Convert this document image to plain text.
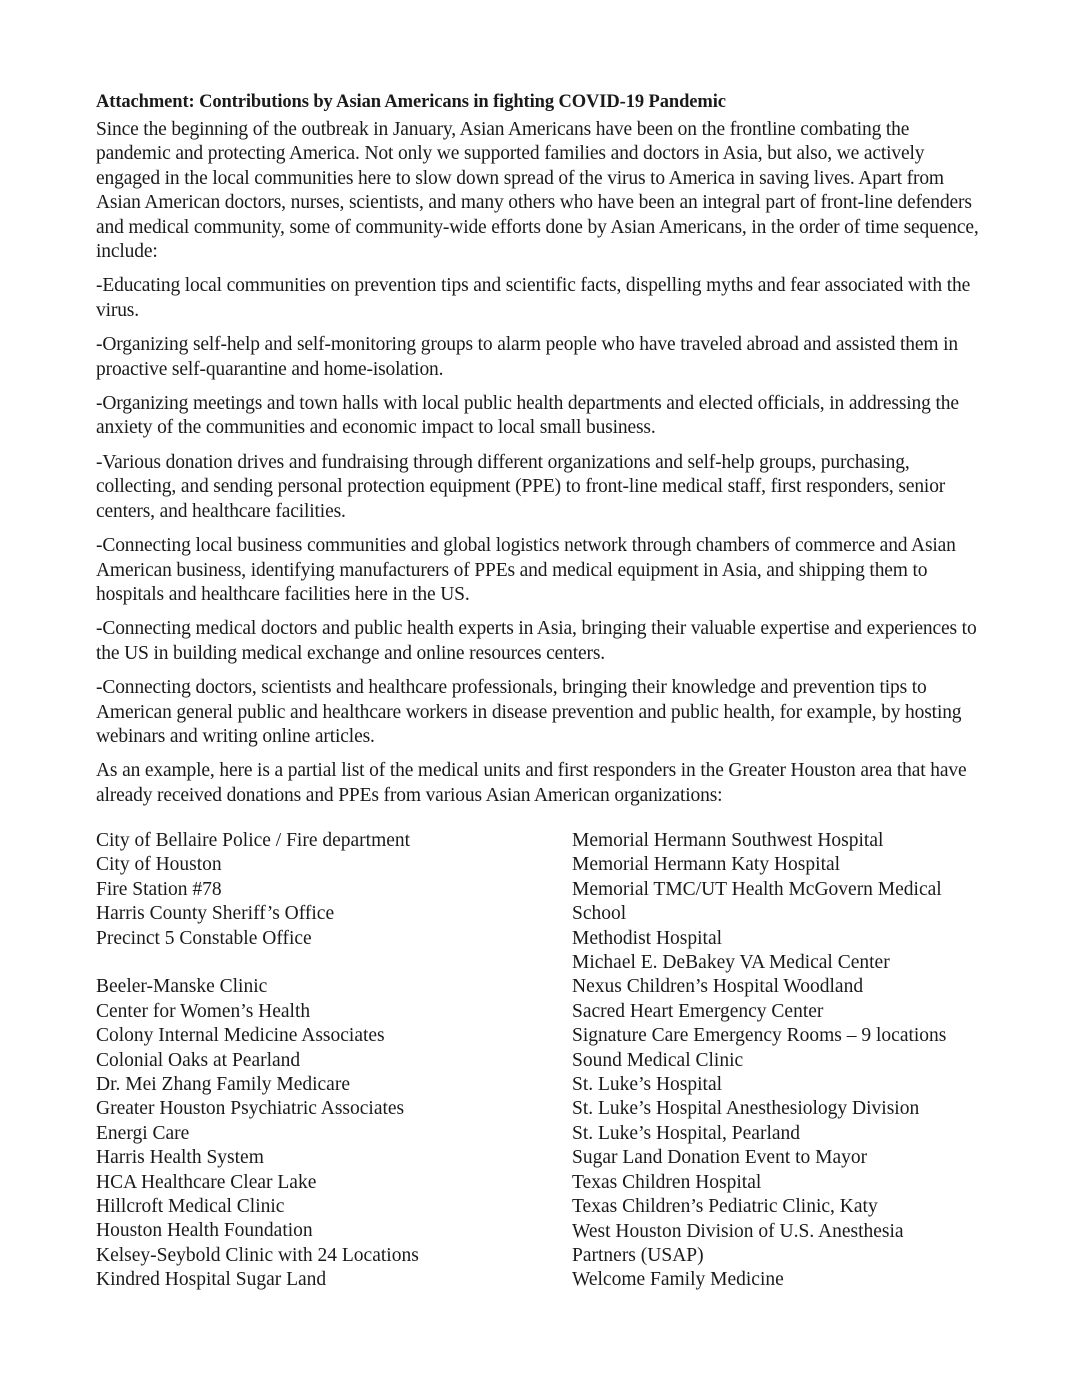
Attachment: Contributions by Asian Americans in fighting COVID-19 Pandemic

Since the beginning of the outbreak in January, Asian Americans have been on the frontline combating the pandemic and protecting America. Not only we supported families and doctors in Asia, but also, we actively engaged in the local communities here to slow down spread of the virus to America in saving lives. Apart from Asian American doctors, nurses, scientists, and many others who have been an integral part of front-line defenders and medical community, some of community-wide efforts done by Asian Americans, in the order of time sequence, include:

-Educating local communities on prevention tips and scientific facts, dispelling myths and fear associated with the virus.

-Organizing self-help and self-monitoring groups to alarm people who have traveled abroad and assisted them in proactive self-quarantine and home-isolation.

-Organizing meetings and town halls with local public health departments and elected officials, in addressing the anxiety of the communities and economic impact to local small business.

-Various donation drives and fundraising through different organizations and self-help groups, purchasing, collecting, and sending personal protection equipment (PPE) to front-line medical staff, first responders, senior centers, and healthcare facilities.

-Connecting local business communities and global logistics network through chambers of commerce and Asian American business, identifying manufacturers of PPEs and medical equipment in Asia, and shipping them to hospitals and healthcare facilities here in the US.

-Connecting medical doctors and public health experts in Asia, bringing their valuable expertise and experiences to the US in building medical exchange and online resources centers.

-Connecting doctors, scientists and healthcare professionals, bringing their knowledge and prevention tips to American general public and healthcare workers in disease prevention and public health, for example, by hosting webinars and writing online articles.

As an example, here is a partial list of the medical units and first responders in the Greater Houston area that have already received donations and PPEs from various Asian American organizations:

City of Bellaire Police / Fire department
City of Houston
Fire Station #78
Harris County Sheriff’s Office
Precinct 5 Constable Office
Beeler-Manske Clinic
Center for Women’s Health
Colony Internal Medicine Associates
Colonial Oaks at Pearland
Dr. Mei Zhang Family Medicare
Greater Houston Psychiatric Associates
Energi Care
Harris Health System
HCA Healthcare Clear Lake
Hillcroft Medical Clinic
Houston Health Foundation
Kelsey-Seybold Clinic with 24 Locations
Kindred Hospital Sugar Land
Memorial Hermann Southwest Hospital
Memorial Hermann Katy Hospital
Memorial TMC/UT Health McGovern Medical School
Methodist Hospital
Michael E. DeBakey VA Medical Center
Nexus Children’s Hospital Woodland
Sacred Heart Emergency Center
Signature Care Emergency Rooms – 9 locations
Sound Medical Clinic
St. Luke’s Hospital
St. Luke’s Hospital Anesthesiology Division
St. Luke’s Hospital, Pearland
Sugar Land Donation Event to Mayor
Texas Children Hospital
Texas Children’s Pediatric Clinic, Katy
West Houston Division of U.S. Anesthesia Partners (USAP)
Welcome Family Medicine
